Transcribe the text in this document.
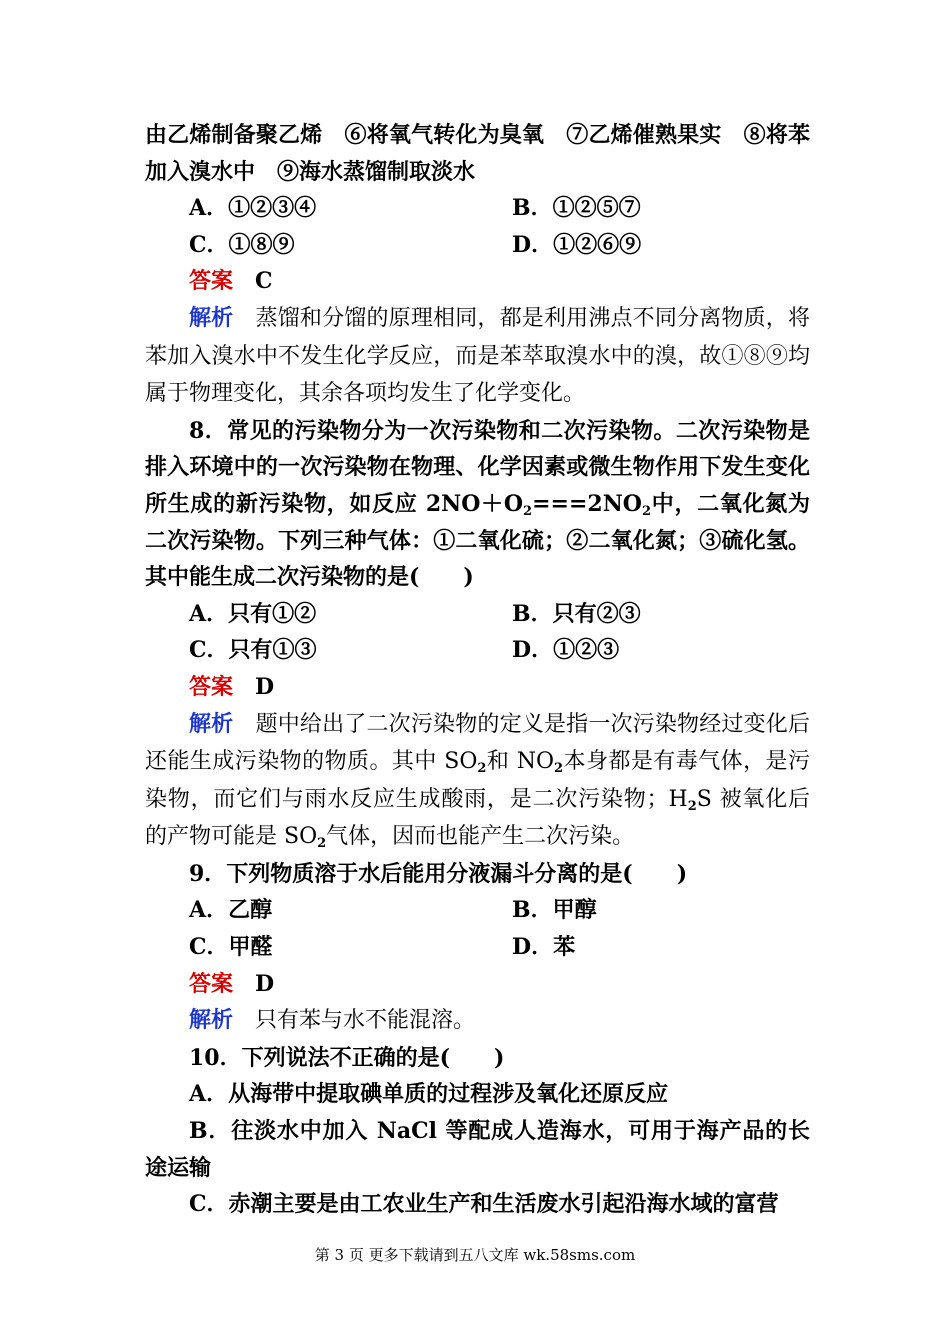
由乙烯制备聚乙烯　⑥将氧气转化为臭氧　⑦乙烯催熟果实　⑧将苯加入溴水中　⑨海水蒸馏制取淡水

A．①②③④	B．①②⑤⑦
C．①⑧⑨	D．①②⑥⑨

答案　 C

解析　 蒸馏和分馏的原理相同，都是利用沸点不同分离物质，将苯加入溴水中不发生化学反应，而是苯萃取溴水中的溴，故①⑧⑨均属于物理变化，其余各项均发生了化学变化。

8．常见的污染物分为一次污染物和二次污染物。二次污染物是排入环境中的一次污染物在物理、化学因素或微生物作用下发生变化所生成的新污染物，如反应 $2NO+O_2===2NO_2$中，二氧化氮为二次污染物。下列三种气体：①二氧化硫；②二氧化氮；③硫化氢。其中能生成二次污染物的是(　　)

A．只有①②	B．只有②③
C．只有①③	D．①②③

答案　 D

解析　 题中给出了二次污染物的定义是指一次污染物经过变化后还能生成污染物的物质。其中 $SO_2$和 $NO_2$本身都是有毒气体，是污染物，而它们与雨水反应生成酸雨，是二次污染物；$H_2S$ 被氧化后的产物可能是 $SO_2$气体，因而也能产生二次污染。

9．下列物质溶于水后能用分液漏斗分离的是(　　)

A．乙醇	B．甲醇
C．甲醛	D．苯

答案　 D

解析　 只有苯与水不能混溶。

10．下列说法不正确的是(　　)

A．从海带中提取碘单质的过程涉及氧化还原反应

B．往淡水中加入 NaCl 等配成人造海水，可用于海产品的长途运输

C．赤潮主要是由工农业生产和生活废水引起沿海水域的富营

第 3 页 更多下载请到五八文库 wk.58sms.com
